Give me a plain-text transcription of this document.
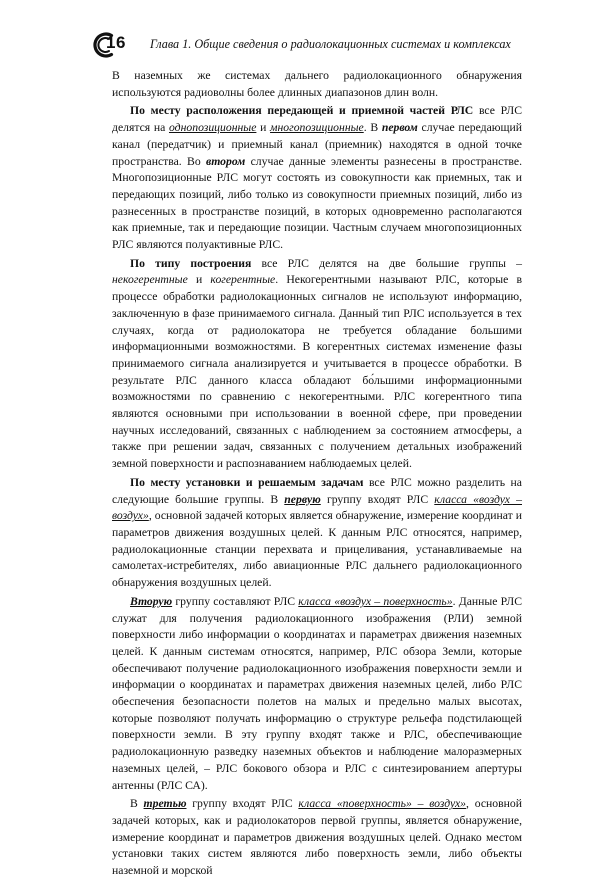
16 Глава 1. Общие сведения о радиолокационных системах и комплексах

В наземных же системах дальнего радиолокационного обнаружения используются радиоволны более длинных диапазонов длин волн.

По месту расположения передающей и приемной частей РЛС все РЛС делятся на однопозиционные и многопозиционные. В первом случае передающий канал (передатчик) и приемный канал (приемник) находятся в одной точке пространства. Во втором случае данные элементы разнесены в пространстве. Многопозиционные РЛС могут состоять из совокупности как приемных, так и передающих позиций, либо только из совокупности приемных позиций, либо из разнесенных в пространстве позиций, в которых одновременно располагаются как приемные, так и передающие позиции. Частным случаем многопозиционных РЛС являются полуактивные РЛС.

По типу построения все РЛС делятся на две большие группы – некогерентные и когерентные. Некогерентными называют РЛС, которые в процессе обработки радиолокационных сигналов не используют информацию, заключенную в фазе принимаемого сигнала. Данный тип РЛС используется в тех случаях, когда от радиолокатора не требуется обладание большими информационными возможностями. В когерентных системах изменение фазы принимаемого сигнала анализируется и учитывается в процессе обработки. В результате РЛС данного класса обладают бо́льшими информационными возможностями по сравнению с некогерентными. РЛС когерентного типа являются основными при использовании в военной сфере, при проведении научных исследований, связанных с наблюдением за состоянием атмосферы, а также при решении задач, связанных с получением детальных изображений земной поверхности и распознаванием наблюдаемых целей.

По месту установки и решаемым задачам все РЛС можно разделить на следующие большие группы. В первую группу входят РЛС класса «воздух – воздух», основной задачей которых является обнаружение, измерение координат и параметров движения воздушных целей. К данным РЛС относятся, например, радиолокационные станции перехвата и прицеливания, устанавливаемые на самолетах-истребителях, либо авиационные РЛС дальнего радиолокационного обнаружения воздушных целей.

Вторую группу составляют РЛС класса «воздух – поверхность». Данные РЛС служат для получения радиолокационного изображения (РЛИ) земной поверхности либо информации о координатах и параметрах движения наземных целей. К данным системам относятся, например, РЛС обзора Земли, которые обеспечивают получение радиолокационного изображения поверхности земли и информации о координатах и параметрах движения наземных целей, либо РЛС обеспечения безопасности полетов на малых и предельно малых высотах, которые позволяют получать информацию о структуре рельефа подстилающей поверхности земли. В эту группу входят также и РЛС, обеспечивающие радиолокационную разведку наземных объектов и наблюдение малоразмерных наземных целей, – РЛС бокового обзора и РЛС с синтезированием апертуры антенны (РЛС СА).

В третью группу входят РЛС класса «поверхность» – воздух», основной задачей которых, как и радиолокаторов первой группы, является обнаружение, измерение координат и параметров движения воздушных целей. Однако местом установки таких систем являются либо поверхность земли, либо объекты наземной и морской
